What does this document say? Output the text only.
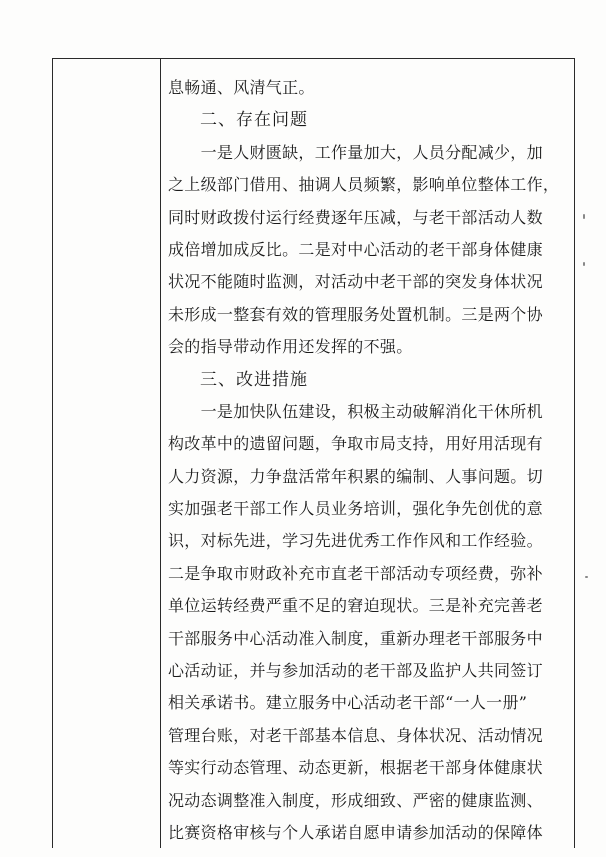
息畅通、风清气正。
二、存在问题
　　一是人财匮缺，工作量加大，人员分配减少，加
之上级部门借用、抽调人员频繁，影响单位整体工作，
同时财政拨付运行经费逐年压减，与老干部活动人数
成倍增加成反比。二是对中心活动的老干部身体健康
状况不能随时监测，对活动中老干部的突发身体状况
未形成一整套有效的管理服务处置机制。三是两个协
会的指导带动作用还发挥的不强。
三、改进措施
　　一是加快队伍建设，积极主动破解消化干休所机
构改革中的遗留问题，争取市局支持，用好用活现有
人力资源，力争盘活常年积累的编制、人事问题。切
实加强老干部工作人员业务培训，强化争先创优的意
识，对标先进，学习先进优秀工作作风和工作经验。
二是争取市财政补充市直老干部活动专项经费，弥补
单位运转经费严重不足的窘迫现状。三是补充完善老
干部服务中心活动准入制度，重新办理老干部服务中
心活动证，并与参加活动的老干部及监护人共同签订
相关承诺书。建立服务中心活动老干部“一人一册”
管理台账，对老干部基本信息、身体状况、活动情况
等实行动态管理、动态更新，根据老干部身体健康状
况动态调整准入制度，形成细致、严密的健康监测、
比赛资格审核与个人承诺自愿申请参加活动的保障体
